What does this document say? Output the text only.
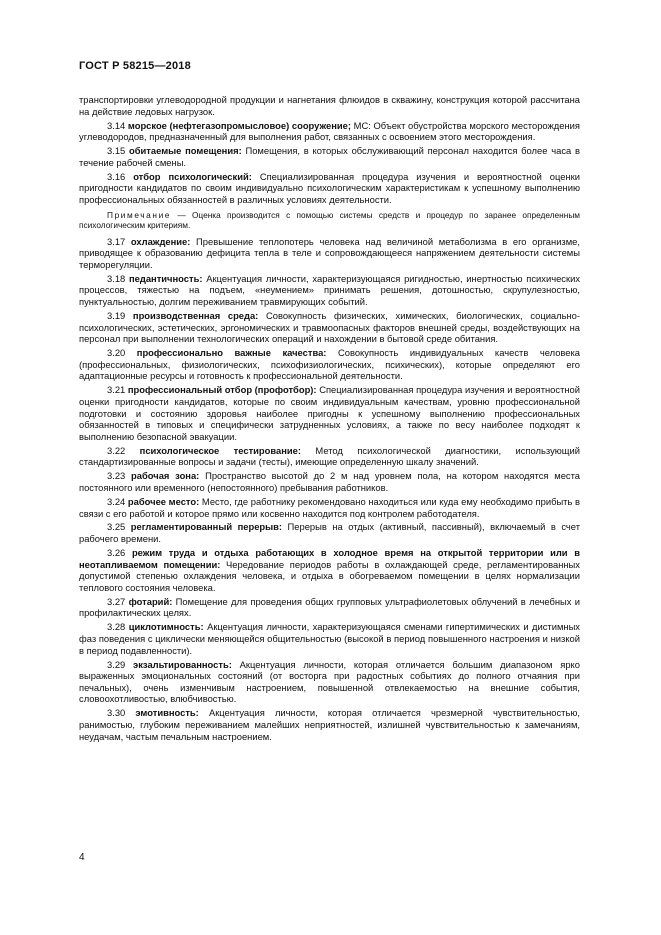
ГОСТ Р 58215—2018

транспортировки углеводородной продукции и нагнетания флюидов в скважину, конструкция которой рассчитана на действие ледовых нагрузок.

3.14 морское (нефтегазопромысловое) сооружение; МС: Объект обустройства морского месторождения углеводородов, предназначенный для выполнения работ, связанных с освоением этого месторождения.

3.15 обитаемые помещения: Помещения, в которых обслуживающий персонал находится более часа в течение рабочей смены.

3.16 отбор психологический: Специализированная процедура изучения и вероятностной оценки пригодности кандидатов по своим индивидуально психологическим характеристикам к успешному выполнению профессиональных обязанностей в различных условиях деятельности.

Примечание — Оценка производится с помощью системы средств и процедур по заранее определенным психологическим критериям.

3.17 охлаждение: Превышение теплопотерь человека над величиной метаболизма в его организме, приводящее к образованию дефицита тепла в теле и сопровождающееся напряжением деятельности системы терморегуляции.

3.18 педантичность: Акцентуация личности, характеризующаяся ригидностью, инертностью психических процессов, тяжестью на подъем, «неумением» принимать решения, дотошностью, скрупулезностью, пунктуальностью, долгим переживанием травмирующих событий.

3.19 производственная среда: Совокупность физических, химических, биологических, социально-психологических, эстетических, эргономических и травмоопасных факторов внешней среды, воздействующих на персонал при выполнении технологических операций и нахождении в бытовой среде обитания.

3.20 профессионально важные качества: Совокупность индивидуальных качеств человека (профессиональных, физиологических, психофизиологических, психических), которые определяют его адаптационные ресурсы и готовность к профессиональной деятельности.

3.21 профессиональный отбор (профотбор): Специализированная процедура изучения и вероятностной оценки пригодности кандидатов, которые по своим индивидуальным качествам, уровню профессиональной подготовки и состоянию здоровья наиболее пригодны к успешному выполнению профессиональных обязанностей в типовых и специфически затрудненных условиях, а также по весу наиболее подходят к выполнению безопасной эвакуации.

3.22 психологическое тестирование: Метод психологической диагностики, использующий стандартизированные вопросы и задачи (тесты), имеющие определенную шкалу значений.

3.23 рабочая зона: Пространство высотой до 2 м над уровнем пола, на котором находятся места постоянного или временного (непостоянного) пребывания работников.

3.24 рабочее место: Место, где работнику рекомендовано находиться или куда ему необходимо прибыть в связи с его работой и которое прямо или косвенно находится под контролем работодателя.

3.25 регламентированный перерыв: Перерыв на отдых (активный, пассивный), включаемый в счет рабочего времени.

3.26 режим труда и отдыха работающих в холодное время на открытой территории или в неотапливаемом помещении: Чередование периодов работы в охлаждающей среде, регламентированных допустимой степенью охлаждения человека, и отдыха в обогреваемом помещении в целях нормализации теплового состояния человека.

3.27 фотарий: Помещение для проведения общих групповых ультрафиолетовых облучений в лечебных и профилактических целях.

3.28 циклотимность: Акцентуация личности, характеризующаяся сменами гипертимических и дистимных фаз поведения с циклически меняющейся общительностью (высокой в период повышенного настроения и низкой в период подавленности).

3.29 экзальтированность: Акцентуация личности, которая отличается большим диапазоном ярко выраженных эмоциональных состояний (от восторга при радостных событиях до полного отчаяния при печальных), очень изменчивым настроением, повышенной отвлекаемостью на внешние события, словоохотливостью, влюбчивостью.

3.30 эмотивность: Акцентуация личности, которая отличается чрезмерной чувствительностью, ранимостью, глубоким переживанием малейших неприятностей, излишней чувствительностью к замечаниям, неудачам, частым печальным настроением.

4
